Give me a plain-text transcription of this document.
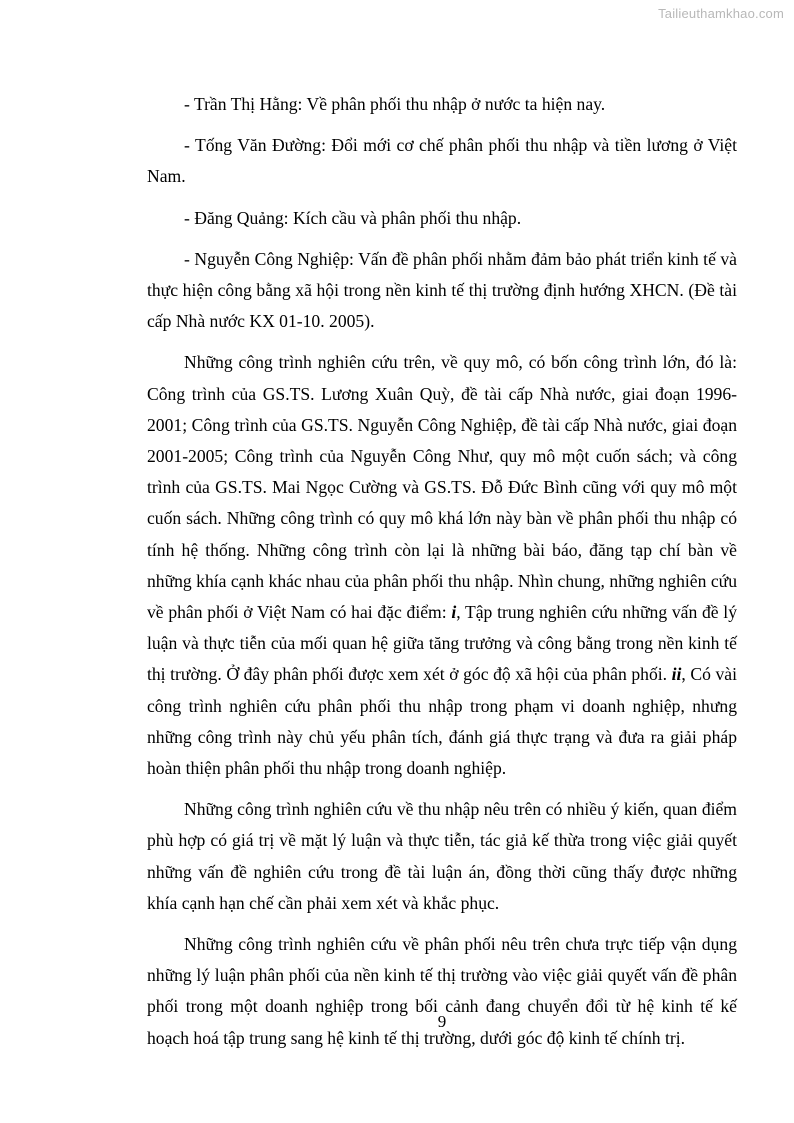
Tailieuthamkhao.com

- Trần Thị Hằng: Về phân phối thu nhập ở nước ta hiện nay.

- Tống Văn Đường: Đổi mới cơ chế phân phối thu nhập và tiền lương ở Việt Nam.

- Đăng Quảng: Kích cầu và phân phối thu nhập.

- Nguyễn Công Nghiệp: Vấn đề phân phối nhằm đảm bảo phát triển kinh tế và thực hiện công bằng xã hội trong nền kinh tế thị trường định hướng XHCN. (Đề tài cấp Nhà nước KX 01-10. 2005).

Những công trình nghiên cứu trên, về quy mô, có bốn công trình lớn, đó là: Công trình của GS.TS. Lương Xuân Quỳ, đề tài cấp Nhà nước, giai đoạn 1996-2001; Công trình của GS.TS. Nguyễn Công Nghiệp, đề tài cấp Nhà nước, giai đoạn 2001-2005; Công trình của Nguyễn Công Như, quy mô một cuốn sách; và công trình của GS.TS. Mai Ngọc Cường và GS.TS. Đỗ Đức Bình cũng với quy mô một cuốn sách. Những công trình có quy mô khá lớn này bàn về phân phối thu nhập có tính hệ thống. Những công trình còn lại là những bài báo, đăng tạp chí bàn về những khía cạnh khác nhau của phân phối thu nhập. Nhìn chung, những nghiên cứu về phân phối ở Việt Nam có hai đặc điểm: i, Tập trung nghiên cứu những vấn đề lý luận và thực tiễn của mối quan hệ giữa tăng trưởng và công bằng trong nền kinh tế thị trường. Ở đây phân phối được xem xét ở góc độ xã hội của phân phối. ii, Có vài công trình nghiên cứu phân phối thu nhập trong phạm vi doanh nghiệp, nhưng những công trình này chủ yếu phân tích, đánh giá thực trạng và đưa ra giải pháp hoàn thiện phân phối thu nhập trong doanh nghiệp.

Những công trình nghiên cứu về thu nhập nêu trên có nhiều ý kiến, quan điểm phù hợp có giá trị về mặt lý luận và thực tiễn, tác giả kế thừa trong việc giải quyết những vấn đề nghiên cứu trong đề tài luận án, đồng thời cũng thấy được những khía cạnh hạn chế cần phải xem xét và khắc phục.

Những công trình nghiên cứu về phân phối nêu trên chưa trực tiếp vận dụng những lý luận phân phối của nền kinh tế thị trường vào việc giải quyết vấn đề phân phối trong một doanh nghiệp trong bối cảnh đang chuyển đổi từ hệ kinh tế kế hoạch hoá tập trung sang hệ kinh tế thị trường, dưới góc độ kinh tế chính trị.

9
